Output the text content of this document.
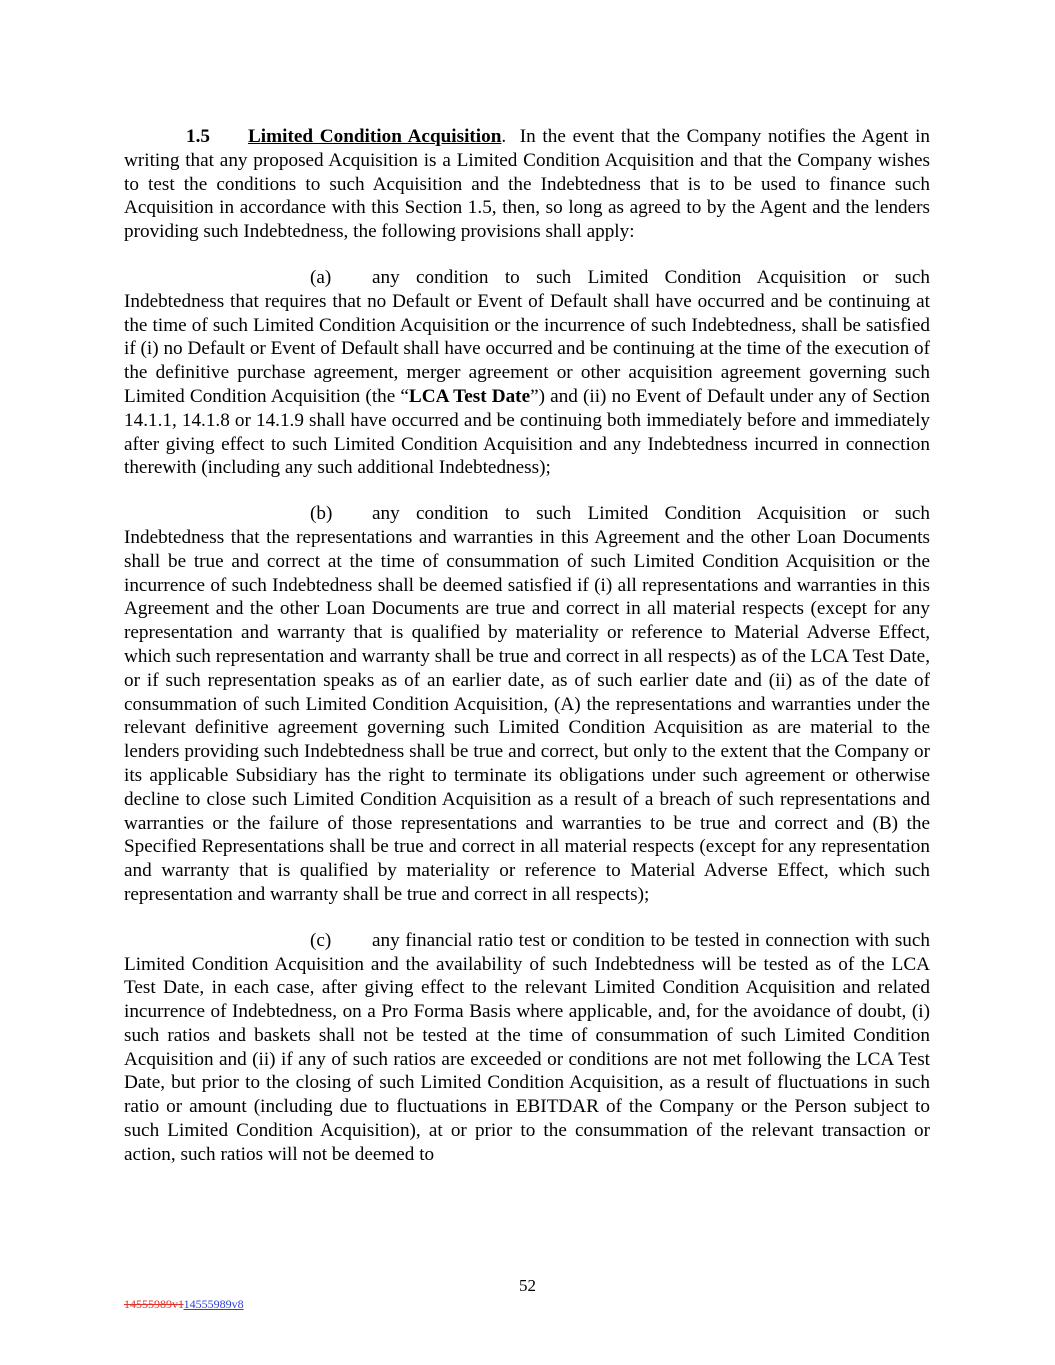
1.5 Limited Condition Acquisition. In the event that the Company notifies the Agent in writing that any proposed Acquisition is a Limited Condition Acquisition and that the Company wishes to test the conditions to such Acquisition and the Indebtedness that is to be used to finance such Acquisition in accordance with this Section 1.5, then, so long as agreed to by the Agent and the lenders providing such Indebtedness, the following provisions shall apply:

(a) any condition to such Limited Condition Acquisition or such Indebtedness that requires that no Default or Event of Default shall have occurred and be continuing at the time of such Limited Condition Acquisition or the incurrence of such Indebtedness, shall be satisfied if (i) no Default or Event of Default shall have occurred and be continuing at the time of the execution of the definitive purchase agreement, merger agreement or other acquisition agreement governing such Limited Condition Acquisition (the “LCA Test Date”) and (ii) no Event of Default under any of Section 14.1.1, 14.1.8 or 14.1.9 shall have occurred and be continuing both immediately before and immediately after giving effect to such Limited Condition Acquisition and any Indebtedness incurred in connection therewith (including any such additional Indebtedness);

(b) any condition to such Limited Condition Acquisition or such Indebtedness that the representations and warranties in this Agreement and the other Loan Documents shall be true and correct at the time of consummation of such Limited Condition Acquisition or the incurrence of such Indebtedness shall be deemed satisfied if (i) all representations and warranties in this Agreement and the other Loan Documents are true and correct in all material respects (except for any representation and warranty that is qualified by materiality or reference to Material Adverse Effect, which such representation and warranty shall be true and correct in all respects) as of the LCA Test Date, or if such representation speaks as of an earlier date, as of such earlier date and (ii) as of the date of consummation of such Limited Condition Acquisition, (A) the representations and warranties under the relevant definitive agreement governing such Limited Condition Acquisition as are material to the lenders providing such Indebtedness shall be true and correct, but only to the extent that the Company or its applicable Subsidiary has the right to terminate its obligations under such agreement or otherwise decline to close such Limited Condition Acquisition as a result of a breach of such representations and warranties or the failure of those representations and warranties to be true and correct and (B) the Specified Representations shall be true and correct in all material respects (except for any representation and warranty that is qualified by materiality or reference to Material Adverse Effect, which such representation and warranty shall be true and correct in all respects);

(c) any financial ratio test or condition to be tested in connection with such Limited Condition Acquisition and the availability of such Indebtedness will be tested as of the LCA Test Date, in each case, after giving effect to the relevant Limited Condition Acquisition and related incurrence of Indebtedness, on a Pro Forma Basis where applicable, and, for the avoidance of doubt, (i) such ratios and baskets shall not be tested at the time of consummation of such Limited Condition Acquisition and (ii) if any of such ratios are exceeded or conditions are not met following the LCA Test Date, but prior to the closing of such Limited Condition Acquisition, as a result of fluctuations in such ratio or amount (including due to fluctuations in EBITDAR of the Company or the Person subject to such Limited Condition Acquisition), at or prior to the consummation of the relevant transaction or action, such ratios will not be deemed to

52
14555989v114555989v8
